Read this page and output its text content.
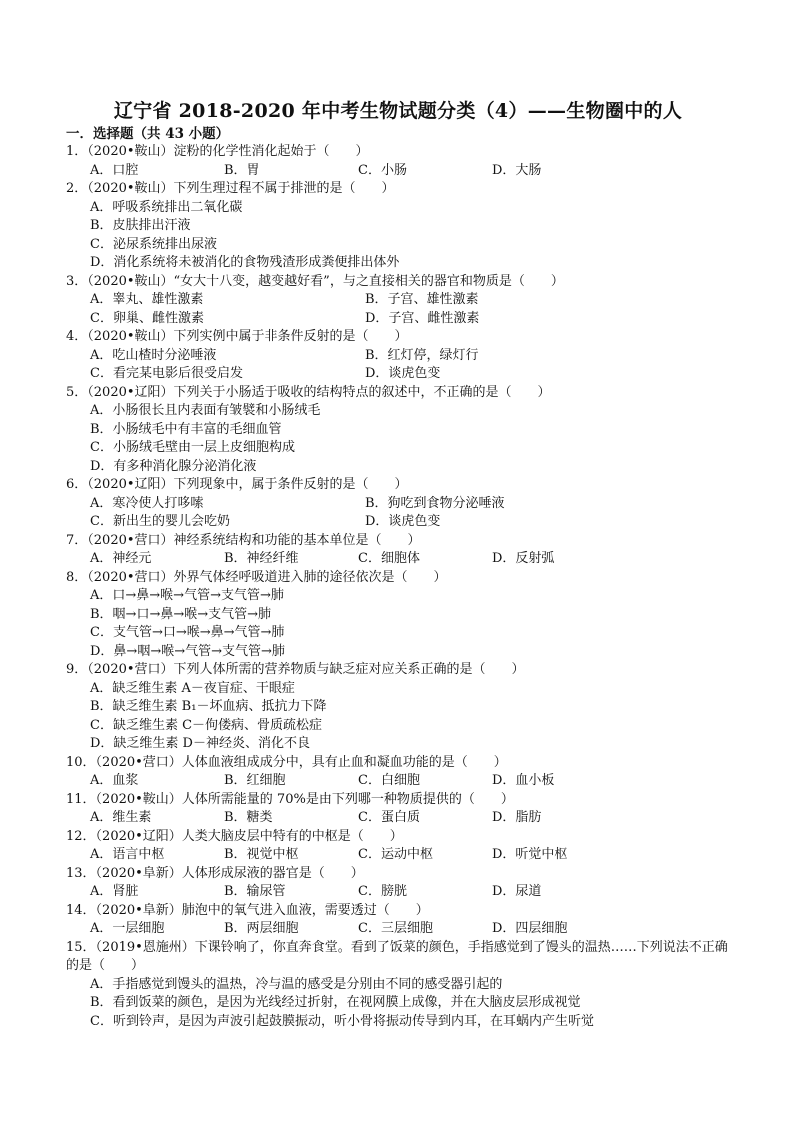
辽宁省 2018-2020 年中考生物试题分类（4）——生物圈中的人
一．选择题（共 43 小题）
1．（2020•鞍山）淀粉的化学性消化起始于（　　）
A．口腔	B．胃	C．小肠	D．大肠
2．（2020•鞍山）下列生理过程不属于排泄的是（　　）
A．呼吸系统排出二氧化碳
B．皮肤排出汗液
C．泌尿系统排出尿液
D．消化系统将未被消化的食物残渣形成粪便排出体外
3．（2020•鞍山）“女大十八变，越变越好看”，与之直接相关的器官和物质是（　　）
A．睾丸、雄性激素	B．子宫、雄性激素
C．卵巢、雌性激素	D．子宫、雌性激素
4．（2020•鞍山）下列实例中属于非条件反射的是（　　）
A．吃山楂时分泌唾液	B．红灯停，绿灯行
C．看完某电影后很受启发	D．谈虎色变
5．（2020•辽阳）下列关于小肠适于吸收的结构特点的叙述中，不正确的是（　　）
A．小肠很长且内表面有皱襞和小肠绒毛
B．小肠绒毛中有丰富的毛细血管
C．小肠绒毛壁由一层上皮细胞构成
D．有多种消化腺分泌消化液
6．（2020•辽阳）下列现象中，属于条件反射的是（　　）
A．寒冷使人打哆嗦	B．狗吃到食物分泌唾液
C．新出生的婴儿会吃奶	D．谈虎色变
7．（2020•营口）神经系统结构和功能的基本单位是（　　）
A．神经元	B．神经纤维	C．细胞体	D．反射弧
8．（2020•营口）外界气体经呼吸道进入肺的途径依次是（　　）
A．口→鼻→喉→气管→支气管→肺
B．咽→口→鼻→喉→支气管→肺
C．支气管→口→喉→鼻→气管→肺
D．鼻→咽→喉→气管→支气管→肺
9．（2020•营口）下列人体所需的营养物质与缺乏症对应关系正确的是（　　）
A．缺乏维生素 A－夜盲症、干眼症
B．缺乏维生素 B₁－坏血病、抵抗力下降
C．缺乏维生素 C－佝偻病、骨质疏松症
D．缺乏维生素 D－神经炎、消化不良
10．（2020•营口）人体血液组成成分中，具有止血和凝血功能的是（　　）
A．血浆	B．红细胞	C．白细胞	D．血小板
11．（2020•鞍山）人体所需能量的 70%是由下列哪一种物质提供的（　　）
A．维生素	B．糖类	C．蛋白质	D．脂肪
12．（2020•辽阳）人类大脑皮层中特有的中枢是（　　）
A．语言中枢	B．视觉中枢	C．运动中枢	D．听觉中枢
13．（2020•阜新）人体形成尿液的器官是（　　）
A．肾脏	B．输尿管	C．膀胱	D．尿道
14．（2020•阜新）肺泡中的氧气进入血液，需要透过（　　）
A．一层细胞	B．两层细胞	C．三层细胞	D．四层细胞
15．（2019•恩施州）下课铃响了，你直奔食堂。看到了饭菜的颜色，手指感觉到了馒头的温热……下列说法不正确的是（　　）
A．手指感觉到馒头的温热，冷与温的感受是分别由不同的感受器引起的
B．看到饭菜的颜色，是因为光线经过折射，在视网膜上成像，并在大脑皮层形成视觉
C．听到铃声，是因为声波引起鼓膜振动，听小骨将振动传导到内耳，在耳蜗内产生听觉
